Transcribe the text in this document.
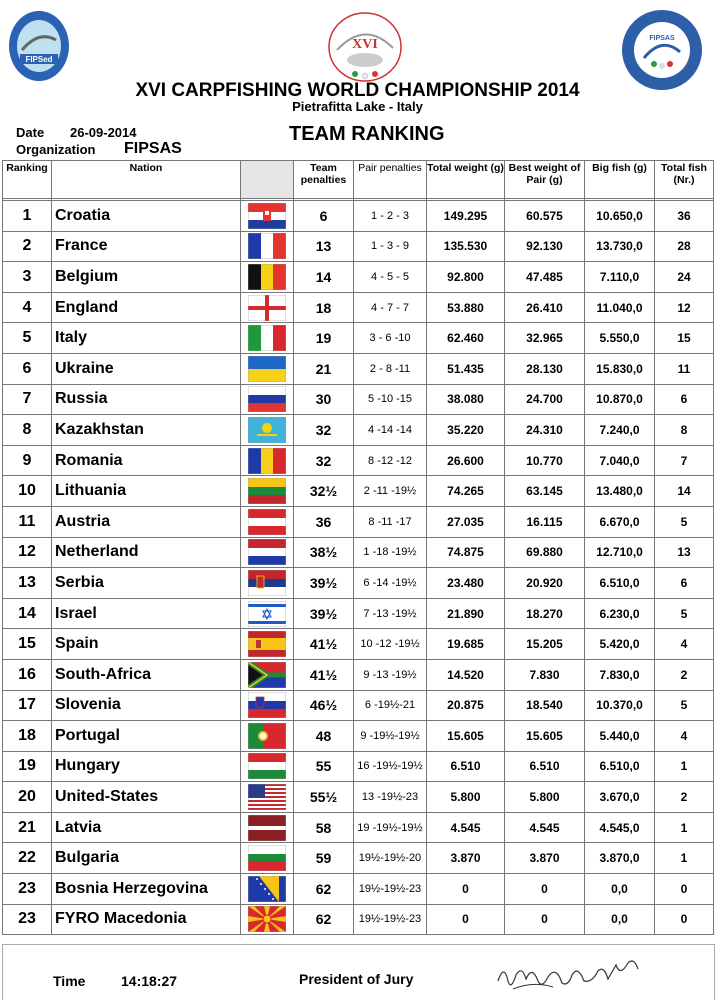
FIPSed
XVI	FIPSAS
XVI CARPFISHING WORLD CHAMPIONSHIP 2014
Pietrafitta Lake - Italy
Date 26-09-2014
Organization FIPSAS
TEAM RANKING
Ranking	Nation		Team penalties	Pair penalties	Total weight (g)	Best weight of Pair (g)	Big fish (g)	Total fish (Nr.)

1	Croatia		6	1 - 2 - 3	149.295	60.575	10.650,0	36
2	France		13	1 - 3 - 9	135.530	92.130	13.730,0	28
3	Belgium		14	4 - 5 - 5	92.800	47.485	7.110,0	24
4	England		18	4 - 7 - 7	53.880	26.410	11.040,0	12
5	Italy		19	3 - 6 -10	62.460	32.965	5.550,0	15
6	Ukraine		21	2 - 8 -11	51.435	28.130	15.830,0	11
7	Russia		30	5 -10 -15	38.080	24.700	10.870,0	6
8	Kazakhstan		32	4 -14 -14	35.220	24.310	7.240,0	8
9	Romania		32	8 -12 -12	26.600	10.770	7.040,0	7
10	Lithuania		32½	2 -11 -19½	74.265	63.145	13.480,0	14
11	Austria		36	8 -11 -17	27.035	16.115	6.670,0	5
12	Netherland		38½	1 -18 -19½	74.875	69.880	12.710,0	13
13	Serbia		39½	6 -14 -19½	23.480	20.920	6.510,0	6
14	Israel		39½	7 -13 -19½	21.890	18.270	6.230,0	5
15	Spain		41½	10 -12 -19½	19.685	15.205	5.420,0	4
16	South-Africa		41½	9 -13 -19½	14.520	7.830	7.830,0	2
17	Slovenia		46½	6 -19½-21	20.875	18.540	10.370,0	5
18	Portugal		48	9 -19½-19½	15.605	15.605	5.440,0	4
19	Hungary		55	16 -19½-19½	6.510	6.510	6.510,0	1
20	United-States		55½	13 -19½-23	5.800	5.800	3.670,0	2
21	Latvia		58	19 -19½-19½	4.545	4.545	4.545,0	1
22	Bulgaria		59	19½-19½-20	3.870	3.870	3.870,0	1
23	Bosnia Herzegovina		62	19½-19½-23	0	0	0,0	0
23	FYRO Macedonia		62	19½-19½-23	0	0	0,0	0
Time	14:18:27	President of Jury
